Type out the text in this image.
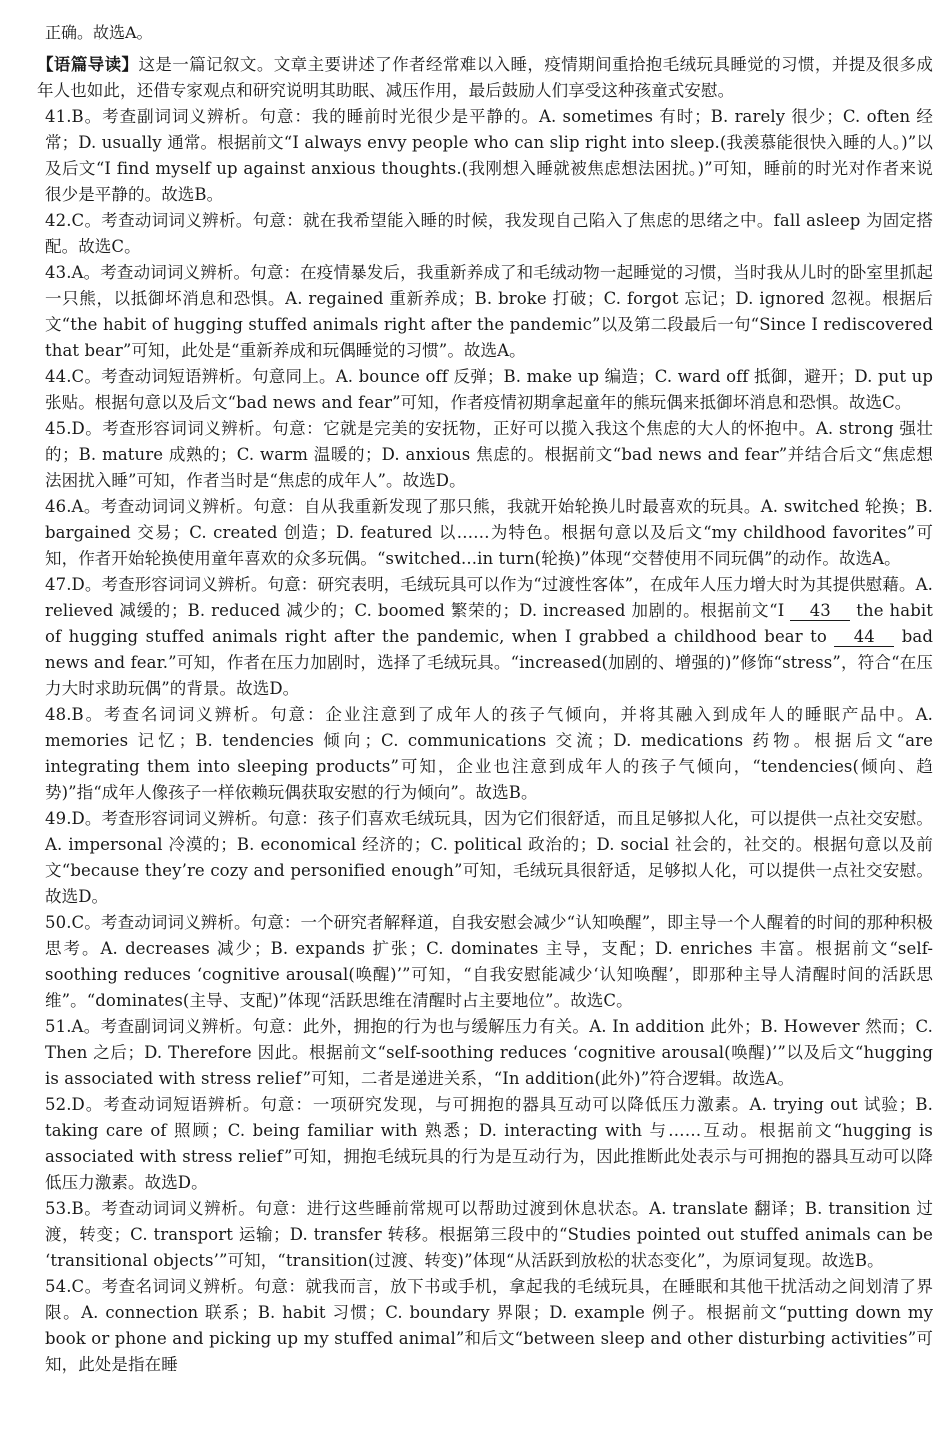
正确。故选A。

【语篇导读】这是一篇记叙文。文章主要讲述了作者经常难以入睡，疫情期间重拾抱毛绒玩具睡觉的习惯，并提及很多成年人也如此，还借专家观点和研究说明其助眠、减压作用，最后鼓励人们享受这种孩童式安慰。

41.B。考查副词词义辨析。句意：我的睡前时光很少是平静的。A. sometimes 有时；B. rarely 很少；C. often 经常；D. usually 通常。根据前文“I always envy people who can slip right into sleep.(我羡慕能很快入睡的人。)”以及后文“I find myself up against anxious thoughts.(我刚想入睡就被焦虑想法困扰。)”可知，睡前的时光对作者来说很少是平静的。故选B。

42.C。考查动词词义辨析。句意：就在我希望能入睡的时候，我发现自己陷入了焦虑的思绪之中。fall asleep 为固定搭配。故选C。

43.A。考查动词词义辨析。句意：在疫情暴发后，我重新养成了和毛绒动物一起睡觉的习惯，当时我从儿时的卧室里抓起一只熊，以抵御坏消息和恐惧。A. regained 重新养成；B. broke 打破；C. forgot 忘记；D. ignored 忽视。根据后文“the habit of hugging stuffed animals right after the pandemic”以及第二段最后一句“Since I rediscovered that bear”可知，此处是“重新养成和玩偶睡觉的习惯”。故选A。

44.C。考查动词短语辨析。句意同上。A. bounce off 反弹；B. make up 编造；C. ward off 抵御，避开；D. put up 张贴。根据句意以及后文“bad news and fear”可知，作者疫情初期拿起童年的熊玩偶来抵御坏消息和恐惧。故选C。

45.D。考查形容词词义辨析。句意：它就是完美的安抚物，正好可以揽入我这个焦虑的大人的怀抱中。A. strong 强壮的；B. mature 成熟的；C. warm 温暖的；D. anxious 焦虑的。根据前文“bad news and fear”并结合后文“焦虑想法困扰入睡”可知，作者当时是“焦虑的成年人”。故选D。

46.A。考查动词词义辨析。句意：自从我重新发现了那只熊，我就开始轮换儿时最喜欢的玩具。A. switched 轮换；B. bargained 交易；C. created 创造；D. featured 以……为特色。根据句意以及后文“my childhood favorites”可知，作者开始轮换使用童年喜欢的众多玩偶。“switched...in turn(轮换)”体现“交替使用不同玩偶”的动作。故选A。

47.D。考查形容词词义辨析。句意：研究表明，毛绒玩具可以作为“过渡性客体”，在成年人压力增大时为其提供慰藉。A. relieved 减缓的；B. reduced 减少的；C. boomed 繁荣的；D. increased 加剧的。根据前文“I 43 the habit of hugging stuffed animals right after the pandemic, when I grabbed a childhood bear to 44 bad news and fear.”可知，作者在压力加剧时，选择了毛绒玩具。“increased(加剧的、增强的)”修饰“stress”，符合“在压力大时求助玩偶”的背景。故选D。

48.B。考查名词词义辨析。句意：企业注意到了成年人的孩子气倾向，并将其融入到成年人的睡眠产品中。A. memories 记忆；B. tendencies 倾向；C. communications 交流；D. medications 药物。根据后文“are integrating them into sleeping products”可知，企业也注意到成年人的孩子气倾向，“tendencies(倾向、趋势)”指“成年人像孩子一样依赖玩偶获取安慰的行为倾向”。故选B。

49.D。考查形容词词义辨析。句意：孩子们喜欢毛绒玩具，因为它们很舒适，而且足够拟人化，可以提供一点社交安慰。A. impersonal 冷漠的；B. economical 经济的；C. political 政治的；D. social 社会的，社交的。根据句意以及前文“because they’re cozy and personified enough”可知，毛绒玩具很舒适，足够拟人化，可以提供一点社交安慰。故选D。

50.C。考查动词词义辨析。句意：一个研究者解释道，自我安慰会减少“认知唤醒”，即主导一个人醒着的时间的那种积极思考。A. decreases 减少；B. expands 扩张；C. dominates 主导，支配；D. enriches 丰富。根据前文“self-soothing reduces ‘cognitive arousal(唤醒)’”可知，“自我安慰能减少‘认知唤醒’，即那种主导人清醒时间的活跃思维”。“dominates(主导、支配)”体现“活跃思维在清醒时占主要地位”。故选C。

51.A。考查副词词义辨析。句意：此外，拥抱的行为也与缓解压力有关。A. In addition 此外；B. However 然而；C. Then 之后；D. Therefore 因此。根据前文“self-soothing reduces ‘cognitive arousal(唤醒)’”以及后文“hugging is associated with stress relief”可知，二者是递进关系，“In addition(此外)”符合逻辑。故选A。

52.D。考查动词短语辨析。句意：一项研究发现，与可拥抱的器具互动可以降低压力激素。A. trying out 试验；B. taking care of 照顾；C. being familiar with 熟悉；D. interacting with 与……互动。根据前文“hugging is associated with stress relief”可知，拥抱毛绒玩具的行为是互动行为，因此推断此处表示与可拥抱的器具互动可以降低压力激素。故选D。

53.B。考查动词词义辨析。句意：进行这些睡前常规可以帮助过渡到休息状态。A. translate 翻译；B. transition 过渡，转变；C. transport 运输；D. transfer 转移。根据第三段中的“Studies pointed out stuffed animals can be ‘transitional objects’”可知，“transition(过渡、转变)”体现“从活跃到放松的状态变化”，为原词复现。故选B。

54.C。考查名词词义辨析。句意：就我而言，放下书或手机，拿起我的毛绒玩具，在睡眠和其他干扰活动之间划清了界限。A. connection 联系；B. habit 习惯；C. boundary 界限；D. example 例子。根据前文“putting down my book or phone and picking up my stuffed animal”和后文“between sleep and other disturbing activities”可知，此处是指在睡
